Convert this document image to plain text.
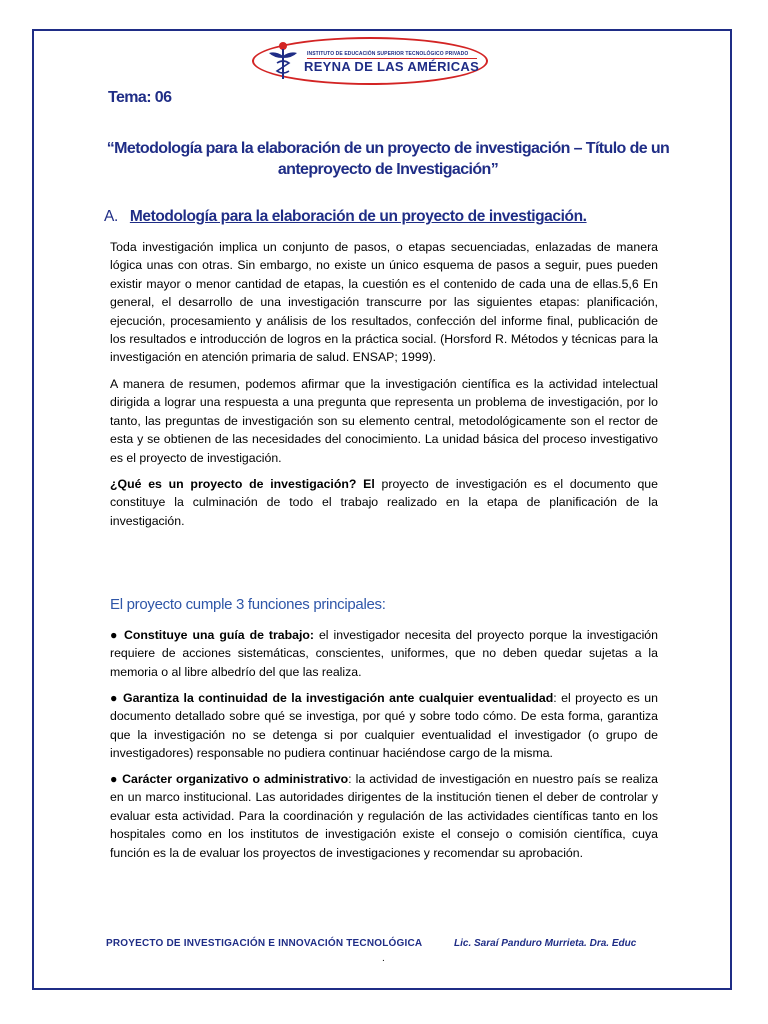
INSTITUTO DE EDUCACIÓN SUPERIOR TECNOLÓGICO PRIVADO
REYNA DE LAS AMÉRICAS
Tema: 06
“Metodología para la elaboración de un proyecto de investigación – Título de un anteproyecto de Investigación”
A. Metodología para la elaboración de un proyecto de investigación.

Toda investigación implica un conjunto de pasos, o etapas secuenciadas, enlazadas de manera lógica unas con otras. Sin embargo, no existe un único esquema de pasos a seguir, pues pueden existir mayor o menor cantidad de etapas, la cuestión es el contenido de cada una de ellas.5,6 En general, el desarrollo de una investigación transcurre por las siguientes etapas: planificación, ejecución, procesamiento y análisis de los resultados, confección del informe final, publicación de los resultados e introducción de logros en la práctica social. (Horsford R. Métodos y técnicas para la investigación en atención primaria de salud. ENSAP; 1999).

A manera de resumen, podemos afirmar que la investigación científica es la actividad intelectual dirigida a lograr una respuesta a una pregunta que representa un problema de investigación, por lo tanto, las preguntas de investigación son su elemento central, metodológicamente son el rector de esta y se obtienen de las necesidades del conocimiento. La unidad básica del proceso investigativo es el proyecto de investigación.

¿Qué es un proyecto de investigación? El proyecto de investigación es el documento que constituye la culminación de todo el trabajo realizado en la etapa de planificación de la investigación.

El proyecto cumple 3 funciones principales:

● Constituye una guía de trabajo: el investigador necesita del proyecto porque la investigación requiere de acciones sistemáticas, conscientes, uniformes, que no deben quedar sujetas a la memoria o al libre albedrío del que las realiza.

● Garantiza la continuidad de la investigación ante cualquier eventualidad: el proyecto es un documento detallado sobre qué se investiga, por qué y sobre todo cómo. De esta forma, garantiza que la investigación no se detenga si por cualquier eventualidad el investigador (o grupo de investigadores) responsable no pudiera continuar haciéndose cargo de la misma.

● Carácter organizativo o administrativo: la actividad de investigación en nuestro país se realiza en un marco institucional. Las autoridades dirigentes de la institución tienen el deber de controlar y evaluar esta actividad. Para la coordinación y regulación de las actividades científicas tanto en los hospitales como en los institutos de investigación existe el consejo o comisión científica, cuya función es la de evaluar los proyectos de investigaciones y recomendar su aprobación.

PROYECTO DE INVESTIGACIÓN E INNOVACIÓN TECNOLÓGICA	Lic. Saraí Panduro Murrieta. Dra. Educ
.
